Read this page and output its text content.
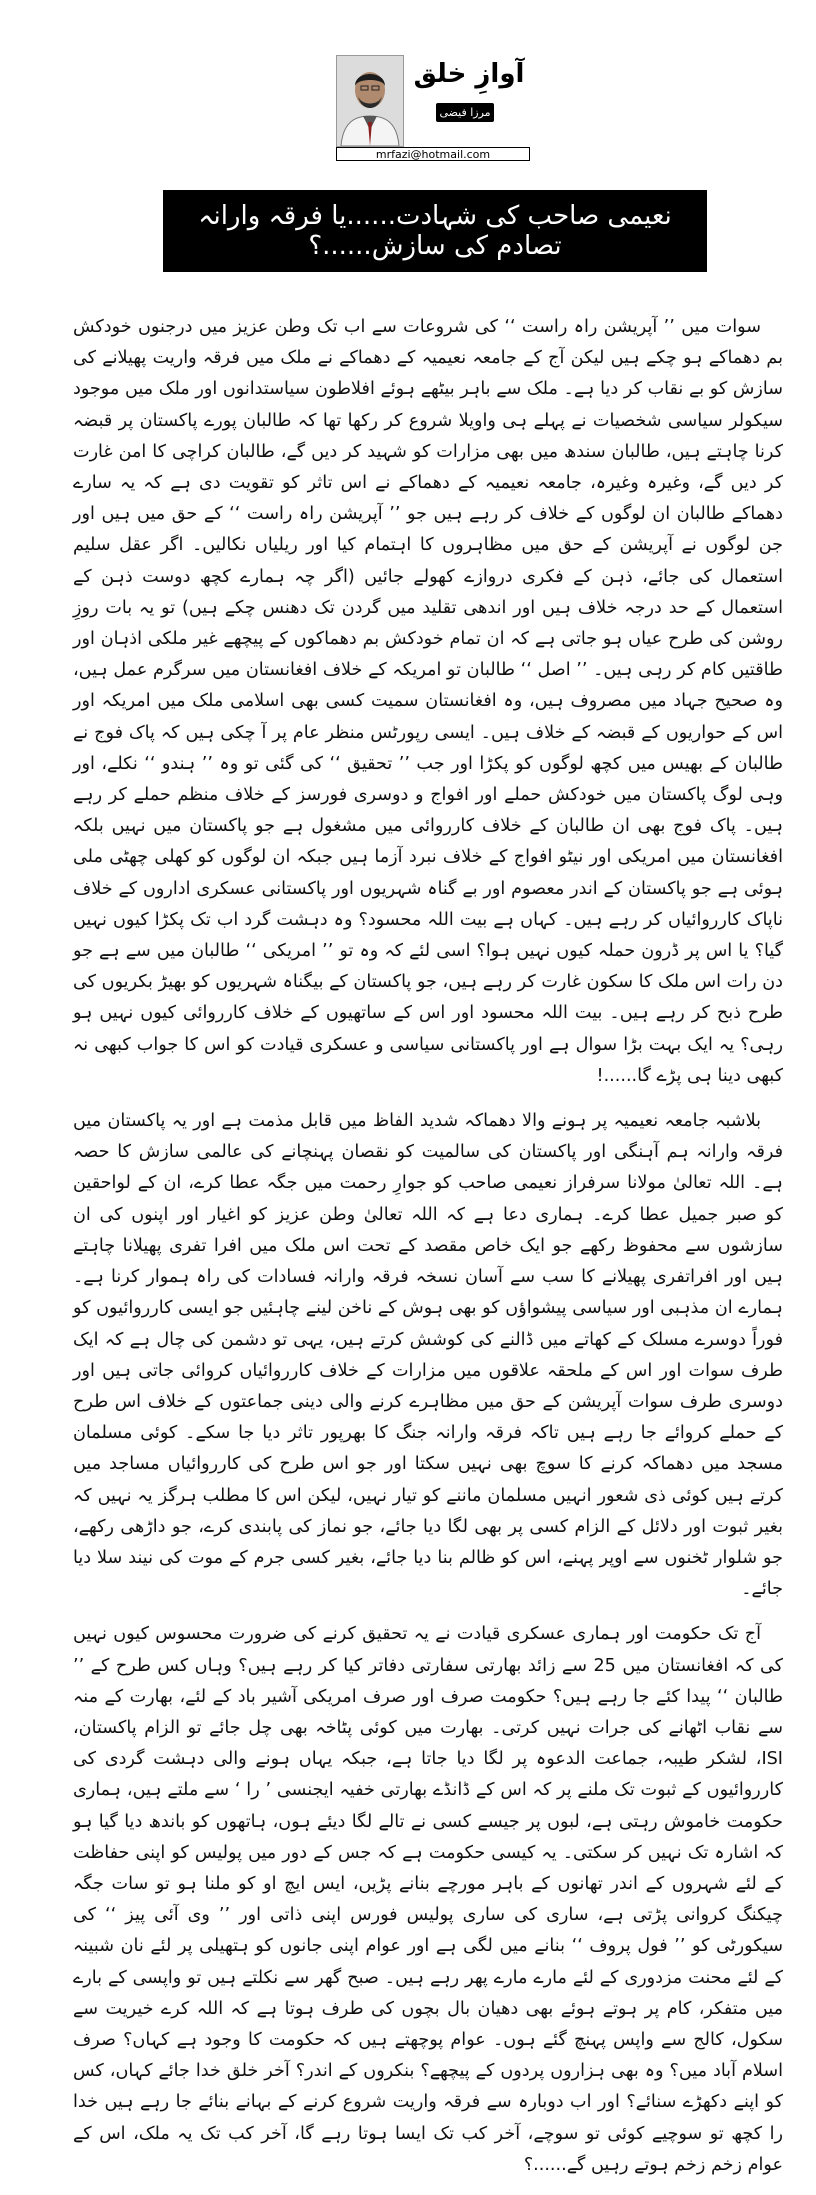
آوازِ خلق
مرزا فیضی
mrfazi@hotmail.com
نعیمی صاحب کی شہادت......یا فرقہ وارانہ تصادم کی سازش......؟

سوات میں ’’ آپریشن راہ راست ‘‘ کی شروعات سے اب تک وطن عزیز میں درجنوں خودکش بم دھماکے ہو چکے ہیں لیکن آج کے جامعہ نعیمیہ کے دھماکے نے ملک میں فرقہ واریت پھیلانے کی سازش کو بے نقاب کر دیا ہے۔ ملک سے باہر بیٹھے ہوئے افلاطون سیاستدانوں اور ملک میں موجود سیکولر سیاسی شخصیات نے پہلے ہی واویلا شروع کر رکھا تھا کہ طالبان پورے پاکستان پر قبضہ کرنا چاہتے ہیں، طالبان سندھ میں بھی مزارات کو شہید کر دیں گے، طالبان کراچی کا امن غارت کر دیں گے، وغیرہ وغیرہ، جامعہ نعیمیہ کے دھماکے نے اس تاثر کو تقویت دی ہے کہ یہ سارے دھماکے طالبان ان لوگوں کے خلاف کر رہے ہیں جو ’’ آپریشن راہ راست ‘‘ کے حق میں ہیں اور جن لوگوں نے آپریشن کے حق میں مظاہروں کا اہتمام کیا اور ریلیاں نکالیں۔ اگر عقل سلیم استعمال کی جائے، ذہن کے فکری دروازے کھولے جائیں (اگر چہ ہمارے کچھ دوست ذہن کے استعمال کے حد درجہ خلاف ہیں اور اندھی تقلید میں گردن تک دھنس چکے ہیں) تو یہ بات روزِ روشن کی طرح عیاں ہو جاتی ہے کہ ان تمام خودکش بم دھماکوں کے پیچھے غیر ملکی اذہان اور طاقتیں کام کر رہی ہیں۔ ’’ اصل ‘‘ طالبان تو امریکہ کے خلاف افغانستان میں سرگرم عمل ہیں، وہ صحیح جہاد میں مصروف ہیں، وہ افغانستان سمیت کسی بھی اسلامی ملک میں امریکہ اور اس کے حواریوں کے قبضہ کے خلاف ہیں۔ ایسی رپورٹس منظر عام پر آ چکی ہیں کہ پاک فوج نے طالبان کے بھیس میں کچھ لوگوں کو پکڑا اور جب ’’ تحقیق ‘‘ کی گئی تو وہ ’’ ہندو ‘‘ نکلے، اور وہی لوگ پاکستان میں خودکش حملے اور افواج و دوسری فورسز کے خلاف منظم حملے کر رہے ہیں۔ پاک فوج بھی ان طالبان کے خلاف کارروائی میں مشغول ہے جو پاکستان میں نہیں بلکہ افغانستان میں امریکی اور نیٹو افواج کے خلاف نبرد آزما ہیں جبکہ ان لوگوں کو کھلی چھٹی ملی ہوئی ہے جو پاکستان کے اندر معصوم اور بے گناہ شہریوں اور پاکستانی عسکری اداروں کے خلاف ناپاک کارروائیاں کر رہے ہیں۔ کہاں ہے بیت اللہ محسود؟ وہ دہشت گرد اب تک پکڑا کیوں نہیں گیا؟ یا اس پر ڈرون حملہ کیوں نہیں ہوا؟ اسی لئے کہ وہ تو ’’ امریکی ‘‘ طالبان میں سے ہے جو دن رات اس ملک کا سکون غارت کر رہے ہیں، جو پاکستان کے بیگناہ شہریوں کو بھیڑ بکریوں کی طرح ذبح کر رہے ہیں۔ بیت اللہ محسود اور اس کے ساتھیوں کے خلاف کارروائی کیوں نہیں ہو رہی؟ یہ ایک بہت بڑا سوال ہے اور پاکستانی سیاسی و عسکری قیادت کو اس کا جواب کبھی نہ کبھی دینا ہی پڑے گا......!

بلاشبہ جامعہ نعیمیہ پر ہونے والا دھماکہ شدید الفاظ میں قابل مذمت ہے اور یہ پاکستان میں فرقہ وارانہ ہم آہنگی اور پاکستان کی سالمیت کو نقصان پہنچانے کی عالمی سازش کا حصہ ہے۔ اللہ تعالیٰ مولانا سرفراز نعیمی صاحب کو جوارِ رحمت میں جگہ عطا کرے، ان کے لواحقین کو صبر جمیل عطا کرے۔ ہماری دعا ہے کہ اللہ تعالیٰ وطن عزیز کو اغیار اور اپنوں کی ان سازشوں سے محفوظ رکھے جو ایک خاص مقصد کے تحت اس ملک میں افرا تفری پھیلانا چاہتے ہیں اور افراتفری پھیلانے کا سب سے آسان نسخہ فرقہ وارانہ فسادات کی راہ ہموار کرنا ہے۔ ہمارے ان مذہبی اور سیاسی پیشواؤں کو بھی ہوش کے ناخن لینے چاہئیں جو ایسی کارروائیوں کو فوراً دوسرے مسلک کے کھاتے میں ڈالنے کی کوشش کرتے ہیں، یہی تو دشمن کی چال ہے کہ ایک طرف سوات اور اس کے ملحقہ علاقوں میں مزارات کے خلاف کارروائیاں کروائی جاتی ہیں اور دوسری طرف سوات آپریشن کے حق میں مظاہرے کرنے والی دینی جماعتوں کے خلاف اس طرح کے حملے کروائے جا رہے ہیں تاکہ فرقہ وارانہ جنگ کا بھرپور تاثر دیا جا سکے۔ کوئی مسلمان مسجد میں دھماکہ کرنے کا سوچ بھی نہیں سکتا اور جو اس طرح کی کارروائیاں مساجد میں کرتے ہیں کوئی ذی شعور انہیں مسلمان ماننے کو تیار نہیں، لیکن اس کا مطلب ہرگز یہ نہیں کہ بغیر ثبوت اور دلائل کے الزام کسی پر بھی لگا دیا جائے، جو نماز کی پابندی کرے، جو داڑھی رکھے، جو شلوار ٹخنوں سے اوپر پہنے، اس کو ظالم بنا دیا جائے، بغیر کسی جرم کے موت کی نیند سلا دیا جائے۔

آج تک حکومت اور ہماری عسکری قیادت نے یہ تحقیق کرنے کی ضرورت محسوس کیوں نہیں کی کہ افغانستان میں 25 سے زائد بھارتی سفارتی دفاتر کیا کر رہے ہیں؟ وہاں کس طرح کے ’’ طالبان ‘‘ پیدا کئے جا رہے ہیں؟ حکومت صرف اور صرف امریکی آشیر باد کے لئے، بھارت کے منہ سے نقاب اٹھانے کی جرات نہیں کرتی۔ بھارت میں کوئی پٹاخہ بھی چل جائے تو الزام پاکستان، ISI، لشکر طیبہ، جماعت الدعوہ پر لگا دیا جاتا ہے، جبکہ یہاں ہونے والی دہشت گردی کی کارروائیوں کے ثبوت تک ملنے پر کہ اس کے ڈانڈے بھارتی خفیہ ایجنسی ’ را ‘ سے ملتے ہیں، ہماری حکومت خاموش رہتی ہے، لبوں پر جیسے کسی نے تالے لگا دیئے ہوں، ہاتھوں کو باندھ دیا گیا ہو کہ اشارہ تک نہیں کر سکتی۔ یہ کیسی حکومت ہے کہ جس کے دور میں پولیس کو اپنی حفاظت کے لئے شہروں کے اندر تھانوں کے باہر مورچے بنانے پڑیں، ایس ایچ او کو ملنا ہو تو سات جگہ چیکنگ کروانی پڑتی ہے، ساری کی ساری پولیس فورس اپنی ذاتی اور ’’ وی آئی پیز ‘‘ کی سیکورٹی کو ’’ فول پروف ‘‘ بنانے میں لگی ہے اور عوام اپنی جانوں کو ہتھیلی پر لئے نان شبینہ کے لئے محنت مزدوری کے لئے مارے مارے پھر رہے ہیں۔ صبح گھر سے نکلتے ہیں تو واپسی کے بارے میں متفکر، کام پر ہوتے ہوئے بھی دھیان بال بچوں کی طرف ہوتا ہے کہ اللہ کرے خیریت سے سکول، کالج سے واپس پہنچ گئے ہوں۔ عوام پوچھتے ہیں کہ حکومت کا وجود ہے کہاں؟ صرف اسلام آباد میں؟ وہ بھی ہزاروں پردوں کے پیچھے؟ بنکروں کے اندر؟ آخر خلق خدا جائے کہاں، کس کو اپنے دکھڑے سنائے؟ اور اب دوبارہ سے فرقہ واریت شروع کرنے کے بہانے بنائے جا رہے ہیں خدا را کچھ تو سوچیے کوئی تو سوچے، آخر کب تک ایسا ہوتا رہے گا، آخر کب تک یہ ملک، اس کے عوام زخم زخم ہوتے رہیں گے......؟
